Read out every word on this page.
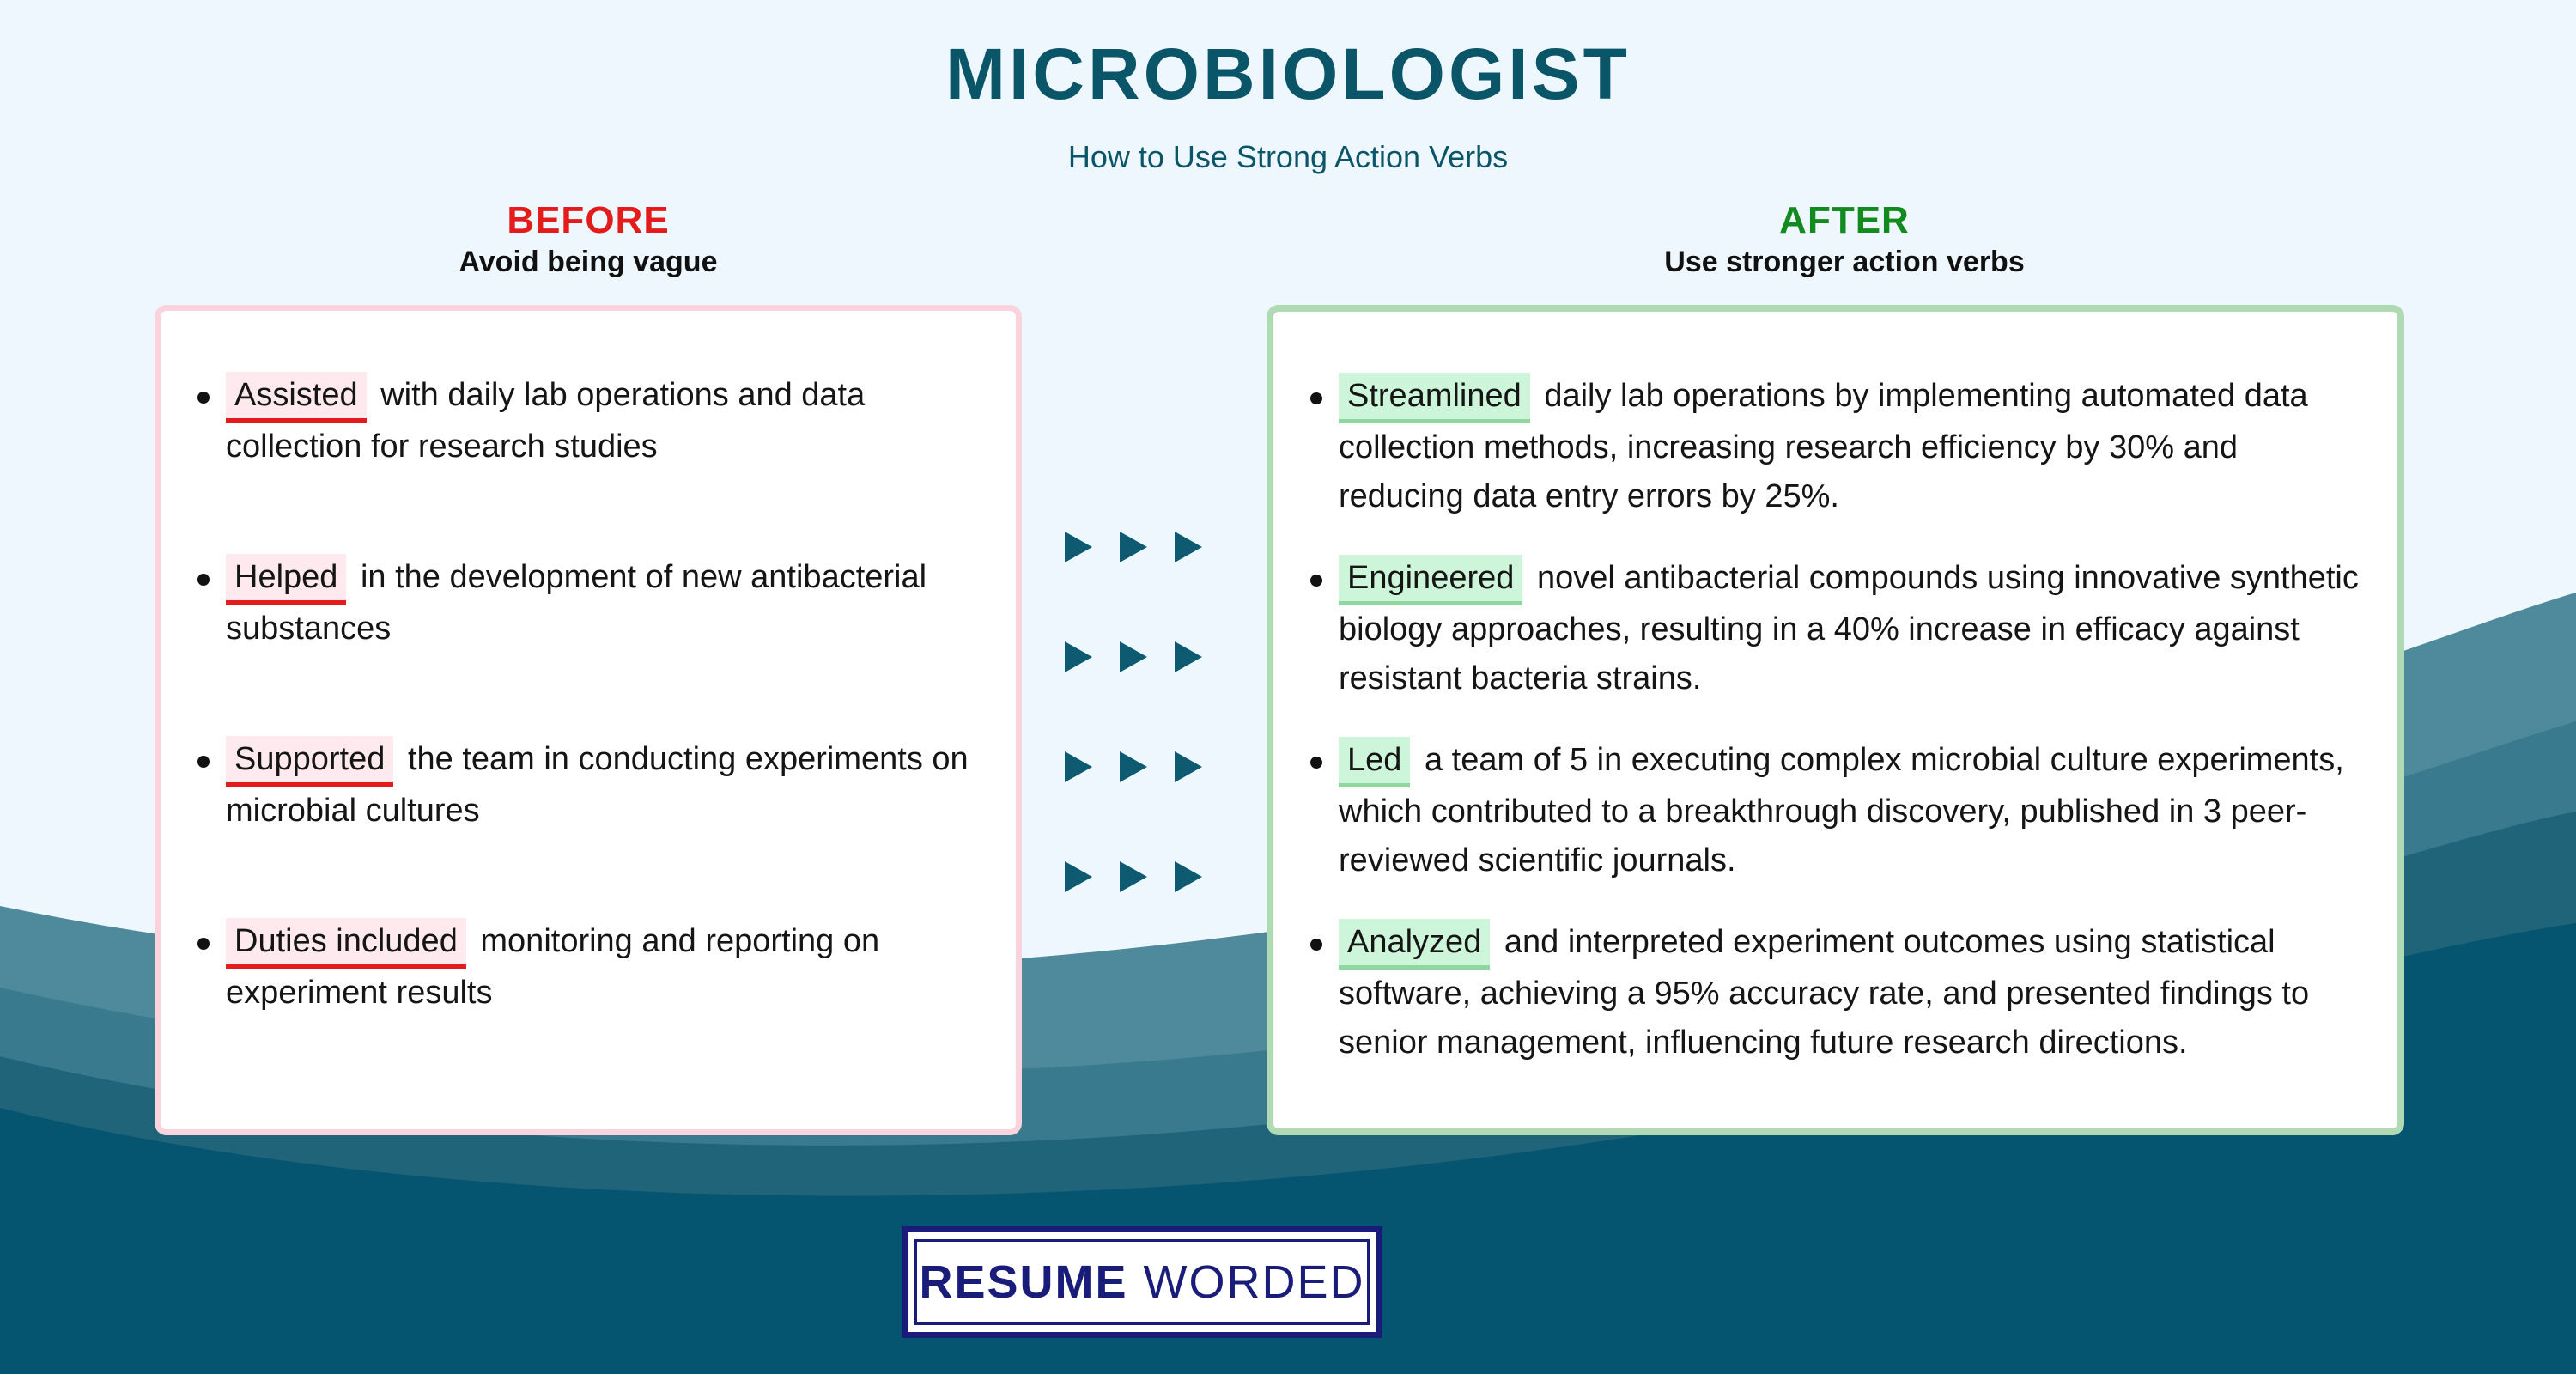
MICROBIOLOGIST
How to Use Strong Action Verbs
BEFORE
Avoid being vague
AFTER
Use stronger action verbs
Assisted with daily lab operations and data collection for research studies
Helped in the development of new antibacterial substances
Supported the team in conducting experiments on microbial cultures
Duties included monitoring and reporting on experiment results
Streamlined daily lab operations by implementing automated data collection methods, increasing research efficiency by 30% and reducing data entry errors by 25%.
Engineered novel antibacterial compounds using innovative synthetic biology approaches, resulting in a 40% increase in efficacy against resistant bacteria strains.
Led a team of 5 in executing complex microbial culture experiments, which contributed to a breakthrough discovery, published in 3 peer-reviewed scientific journals.
Analyzed and interpreted experiment outcomes using statistical software, achieving a 95% accuracy rate, and presented findings to senior management, influencing future research directions.
RESUME WORDED
